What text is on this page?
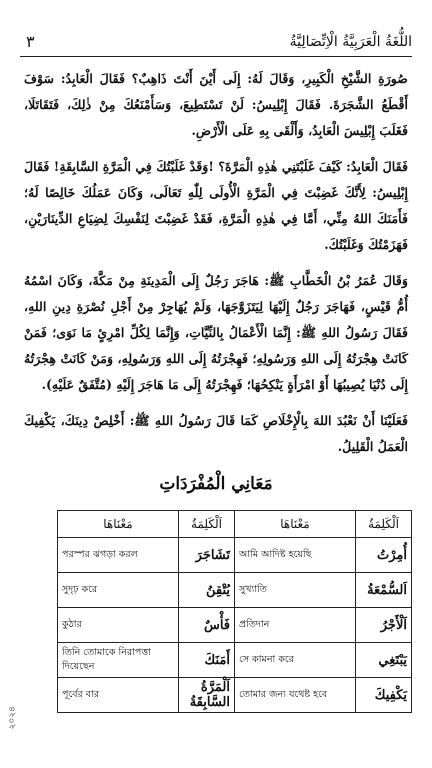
اللُّغَةُ الْعَرَبِيَّةُ الْاِتِّصَالِيَّةُ
٣

صُورَةِ الشَّيْخِ الْكَبِيرِ، وَقَالَ لَهُ: إِلَى أَيْنَ أَنْتَ ذَاهِبٌ؟ فَقَالَ الْعَابِدُ: سَوْفَ أَقْطَعُ الشَّجَرَةَ. فَقَالَ إِبْلِيسُ: لَنْ تَسْتَطِيعَ، وَسَأَمْنَعُكَ مِنْ ذٰلِكَ، فَتَقَاتَلَا، فَغَلَبَ إِبْلِيسَ الْعَابِدُ، وَأَلْقَى بِهِ عَلَى الْأَرْضِ.

فَقَالَ الْعَابِدُ: كَيْفَ غَلَبْتَنِي هٰذِهِ الْمَرَّةَ؟ !وَقَدْ غَلَبْتُكَ فِي الْمَرَّةِ السَّابِقَةِ! فَقَالَ إِبْلِيسُ: لِأَنَّكَ غَضِبْتَ فِي الْمَرَّةِ الْأُولَى لِلّٰهِ تَعَالَى، وَكَانَ عَمَلُكَ خَالِصًا لَهُ؛ فَأَمَنَكَ اللهُ مِنِّي، أَمَّا فِي هٰذِهِ الْمَرَّةِ، فَقَدْ غَضِبْتَ لِنَفْسِكَ لِضِيَاعِ الدِّينَارَيْنِ، فَهَزَمْتُكَ وَغَلَبْتُكَ.

وَقَالَ عُمَرُ بْنُ الْخَطَّابِ ﷺ: هَاجَرَ رَجُلٌ إِلَى الْمَدِينَةِ مِنْ مَكَّةَ، وَكَانَ اسْمُهُ أُمُّ قَيْسٍ، فَهَاجَرَ رَجُلٌ إِلَيْهَا لِيَتَزَوَّجَهَا، وَلَمْ يُهَاجِرْ مِنْ أَجْلِ نُصْرَةِ دِينِ اللهِ، فَقَالَ رَسُولُ اللهِ ﷺ: إِنَّمَا الْأَعْمَالُ بِالنِّيَّاتِ، وَإِنَّمَا لِكُلِّ امْرِئٍ مَا نَوَى؛ فَمَنْ كَانَتْ هِجْرَتُهُ إِلَى اللهِ وَرَسُولِهِ؛ فَهِجْرَتُهُ إِلَى اللهِ وَرَسُولِهِ، وَمَنْ كَانَتْ هِجْرَتُهُ إِلَى دُنْيَا يُصِيبُهَا أَوْ امْرَأَةٍ يَنْكِحُهَا؛ فَهِجْرَتُهُ إِلَى مَا هَاجَرَ إِلَيْهِ (مُتَّفَقٌ عَلَيْهِ).

فَعَلَيْنَا أَنْ نَعْبُدَ اللهَ بِالْإِخْلَاصِ كَمَا قَالَ رَسُولُ اللهِ ﷺ: أَخْلِصْ دِينَكَ، يَكْفِيكَ الْعَمَلُ الْقَلِيلُ.

مَعَانِي الْمُفْرَدَاتِ
اَلْكَلِمَةُ	مَعْنَاهَا	اَلْكَلِمَةُ	مَعْنَاهَا
أُمِرْتُ	আমি আদিষ্ট হয়েছি	تَشَاجَرَ	পরস্পর ঝগড়া করল
اَلسُّمْعَةُ	সুখ্যাতি	يُتْقِنُ	সুদৃঢ় করে
اَلْأَجْرُ	প্রতিদান	فَأْسٌ	কুঠার
يَبْتَغِي	সে কামনা করে	أَمَنَكَ	তিনি তোমাকে নিরাপত্তা দিয়েছেন
يَكْفِيكَ	তোমার জন্য যথেষ্ট হবে	اَلْمَرَّةُ السَّابِقَةُ	পূর্বের বার
২০২৪
